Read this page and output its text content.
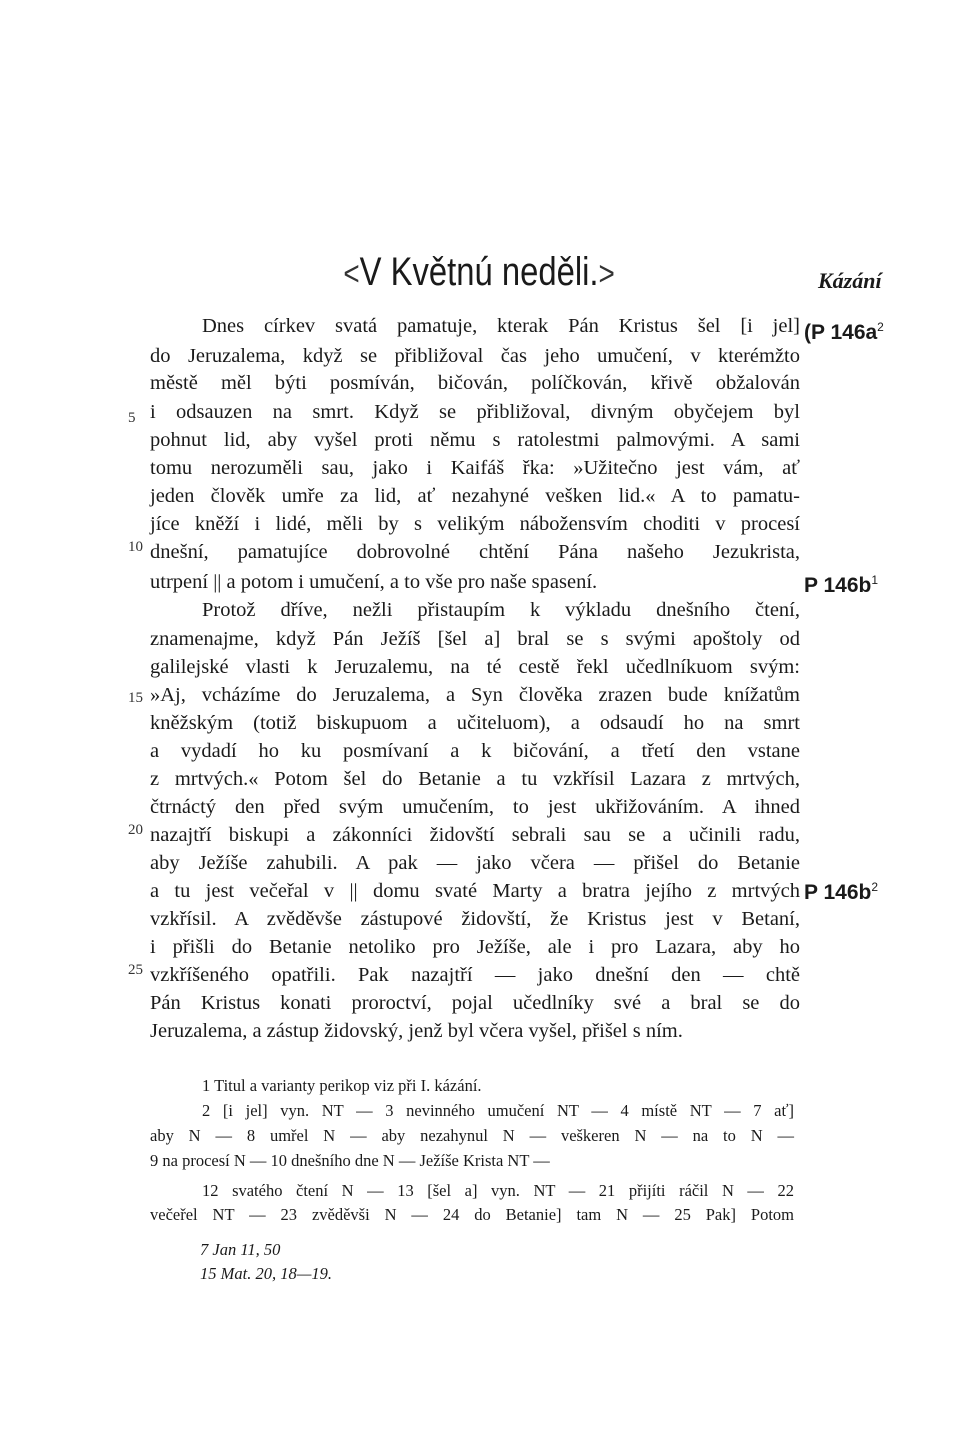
<V Květnú neděli.>	Kázání
(P $146a^2$
P $146b^1$
P $146b^2$
5
10
15
20
25
Dnes církev svatá pamatuje, kterak Pán Kristus šel [i jel]
do Jeruzalema, když se přibližoval čas jeho umučení, v kterémžto
městě měl býti posmíván, bičován, políčkován, křivě obžalován
i odsauzen na smrt. Když se přibližoval, divným obyčejem byl
pohnut lid, aby vyšel proti němu s ratolestmi palmovými. A sami
tomu nerozuměli sau, jako i Kaifáš řka: »Užitečno jest vám, ať
jeden člověk umře za lid, ať nezahyné vešken lid.« A to pamatu-
jíce kněží i lidé, měli by s velikým nábožensvím choditi v procesí
dnešní, pamatujíce dobrovolné chtění Pána našeho Jezukrista,
utrpení || a potom i umučení, a to vše pro naše spasení.
Protož dříve, nežli přistaupím k výkladu dnešního čtení,
znamenajme, když Pán Ježíš [šel a] bral se s svými apoštoly od
galilejské vlasti k Jeruzalemu, na té cestě řekl učedlníkuom svým:
»Aj, vcházíme do Jeruzalema, a Syn člověka zrazen bude knížatům
kněžským (totiž biskupuom a učiteluom), a odsaudí ho na smrt
a vydadí ho ku posmívaní a k bičování, a třetí den vstane
z mrtvých.« Potom šel do Betanie a tu vzkřísil Lazara z mrtvých,
čtrnáctý den před svým umučením, to jest ukřižováním. A ihned
nazajtří biskupi a zákonníci židovští sebrali sau se a učinili radu,
aby Ježíše zahubili. A pak — jako včera — přišel do Betanie
a tu jest večeřal v || domu svaté Marty a bratra jejího z mrtvých
vzkřísil. A zvěděvše zástupové židovští, že Kristus jest v Betaní,
i přišli do Betanie netoliko pro Ježíše, ale i pro Lazara, aby ho
vzkříšeného opatřili. Pak nazajtří — jako dnešní den — chtě
Pán Kristus konati proroctví, pojal učedlníky své a bral se do
Jeruzalema, a zástup židovský, jenž byl včera vyšel, přišel s ním.
1 Titul a varianty perikop viz při I. kázání.
2 [i jel] vyn. NT — 3 nevinného umučení NT — 4 místě NT — 7 ať]
aby N — 8 umřel N — aby nezahynul N — veškeren N — na to N —
9 na procesí N — 10 dnešního dne N — Ježíše Krista NT —
12 svatého čtení N — 13 [šel a] vyn. NT — 21 přijíti ráčil N — 22
večeřel NT — 23 zvěděvši N — 24 do Betanie] tam N — 25 Pak] Potom
7 Jan 11, 50
15 Mat. 20, 18—19.
